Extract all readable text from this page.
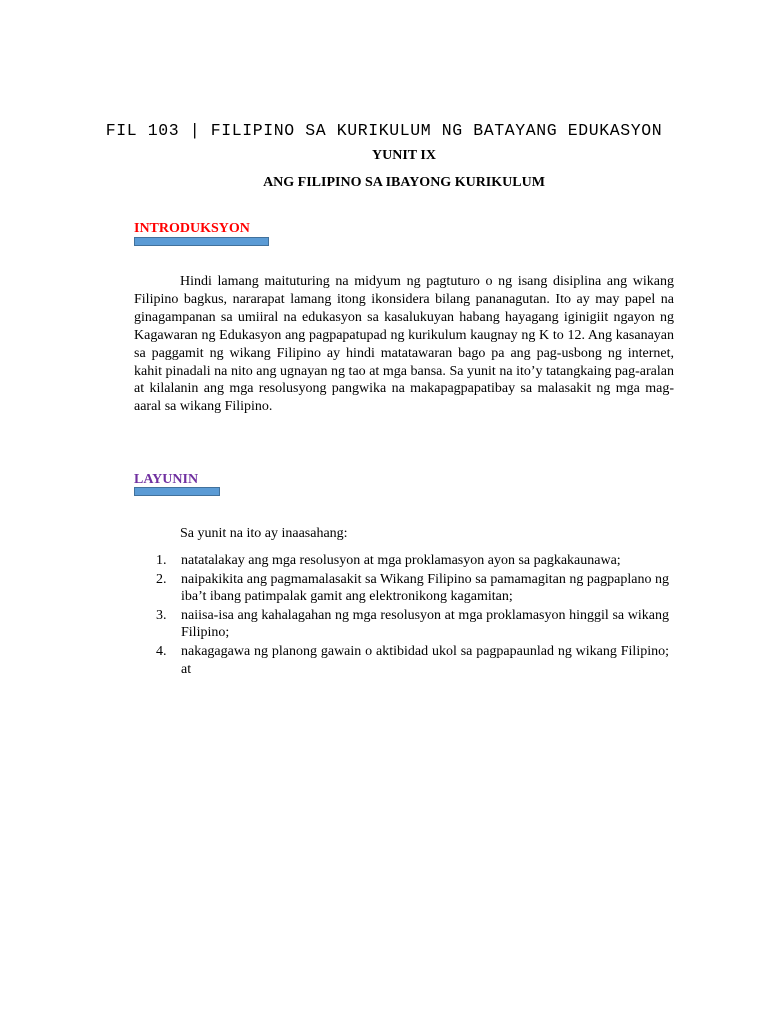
FIL 103 | FILIPINO SA KURIKULUM NG BATAYANG EDUKASYON
YUNIT IX
ANG FILIPINO SA IBAYONG KURIKULUM
INTRODUKSYON

Hindi lamang maituturing na midyum ng pagtuturo o ng isang disiplina ang wikang Filipino bagkus, nararapat lamang itong ikonsidera bilang pananagutan. Ito ay may papel na ginagampanan sa umiiral na edukasyon sa kasalukuyan habang hayagang iginigiit ngayon ng Kagawaran ng Edukasyon ang pagpapatupad ng kurikulum kaugnay ng K to 12. Ang kasanayan sa paggamit ng wikang Filipino ay hindi matatawaran bago pa ang pag-usbong ng internet, kahit pinadali na nito ang ugnayan ng tao at mga bansa. Sa yunit na ito’y tatangkaing pag-aralan at kilalanin ang mga resolusyong pangwika na makapagpapatibay sa malasakit ng mga mag-aaral sa wikang Filipino.

LAYUNIN

Sa yunit na ito ay inaasahang:

1. natatalakay ang mga resolusyon at mga proklamasyon ayon sa pagkakaunawa;
2. naipakikita ang pagmamalasakit sa Wikang Filipino sa pamamagitan ng pagpaplano ng iba’t ibang patimpalak gamit ang elektronikong kagamitan;
3. naiisa-isa ang kahalagahan ng mga resolusyon at mga proklamasyon hinggil sa wikang Filipino;
4. nakagagawa ng planong gawain o aktibidad ukol sa pagpapaunlad ng wikang Filipino; at
